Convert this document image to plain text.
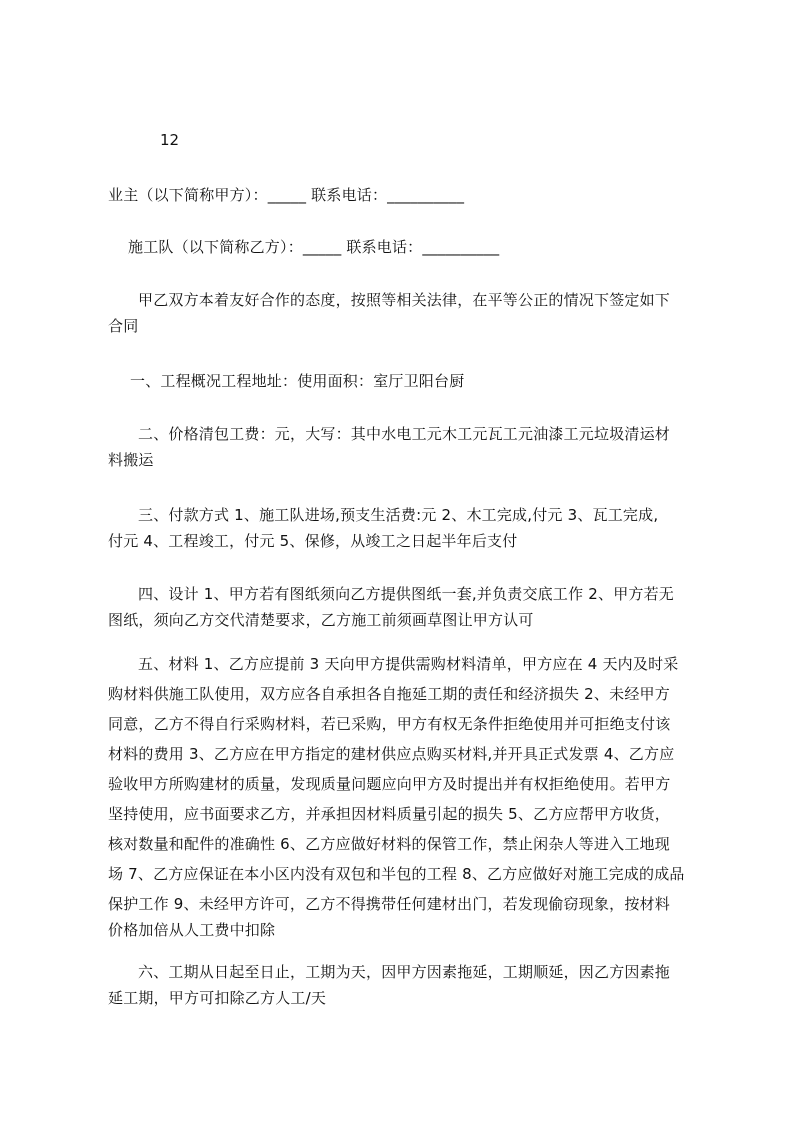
12
业主（以下简称甲方）：_____ 联系电话：__________
施工队（以下简称乙方）：_____ 联系电话：__________
甲乙双方本着友好合作的态度，按照等相关法律，在平等公正的情况下签定如下
合同
一、工程概况工程地址：使用面积：室厅卫阳台厨
二、价格清包工费：元，大写：其中水电工元木工元瓦工元油漆工元垃圾清运材
料搬运
三、付款方式 1、施工队进场,预支生活费:元 2、木工完成,付元 3、瓦工完成,
付元 4、工程竣工，付元 5、保修，从竣工之日起半年后支付
四、设计 1、甲方若有图纸须向乙方提供图纸一套,并负责交底工作 2、甲方若无
图纸，须向乙方交代清楚要求，乙方施工前须画草图让甲方认可
五、材料 1、乙方应提前 3 天向甲方提供需购材料清单，甲方应在 4 天内及时采
购材料供施工队使用，双方应各自承担各自拖延工期的责任和经济损失 2、未经甲方
同意，乙方不得自行采购材料，若已采购，甲方有权无条件拒绝使用并可拒绝支付该
材料的费用 3、乙方应在甲方指定的建材供应点购买材料,并开具正式发票 4、乙方应
验收甲方所购建材的质量，发现质量问题应向甲方及时提出并有权拒绝使用。若甲方
坚持使用，应书面要求乙方，并承担因材料质量引起的损失 5、乙方应帮甲方收货，
核对数量和配件的准确性 6、乙方应做好材料的保管工作，禁止闲杂人等进入工地现
场 7、乙方应保证在本小区内没有双包和半包的工程 8、乙方应做好对施工完成的成品
保护工作 9、未经甲方许可，乙方不得携带任何建材出门，若发现偷窃现象，按材料
价格加倍从人工费中扣除
六、工期从日起至日止，工期为天，因甲方因素拖延，工期顺延，因乙方因素拖
延工期，甲方可扣除乙方人工/天
